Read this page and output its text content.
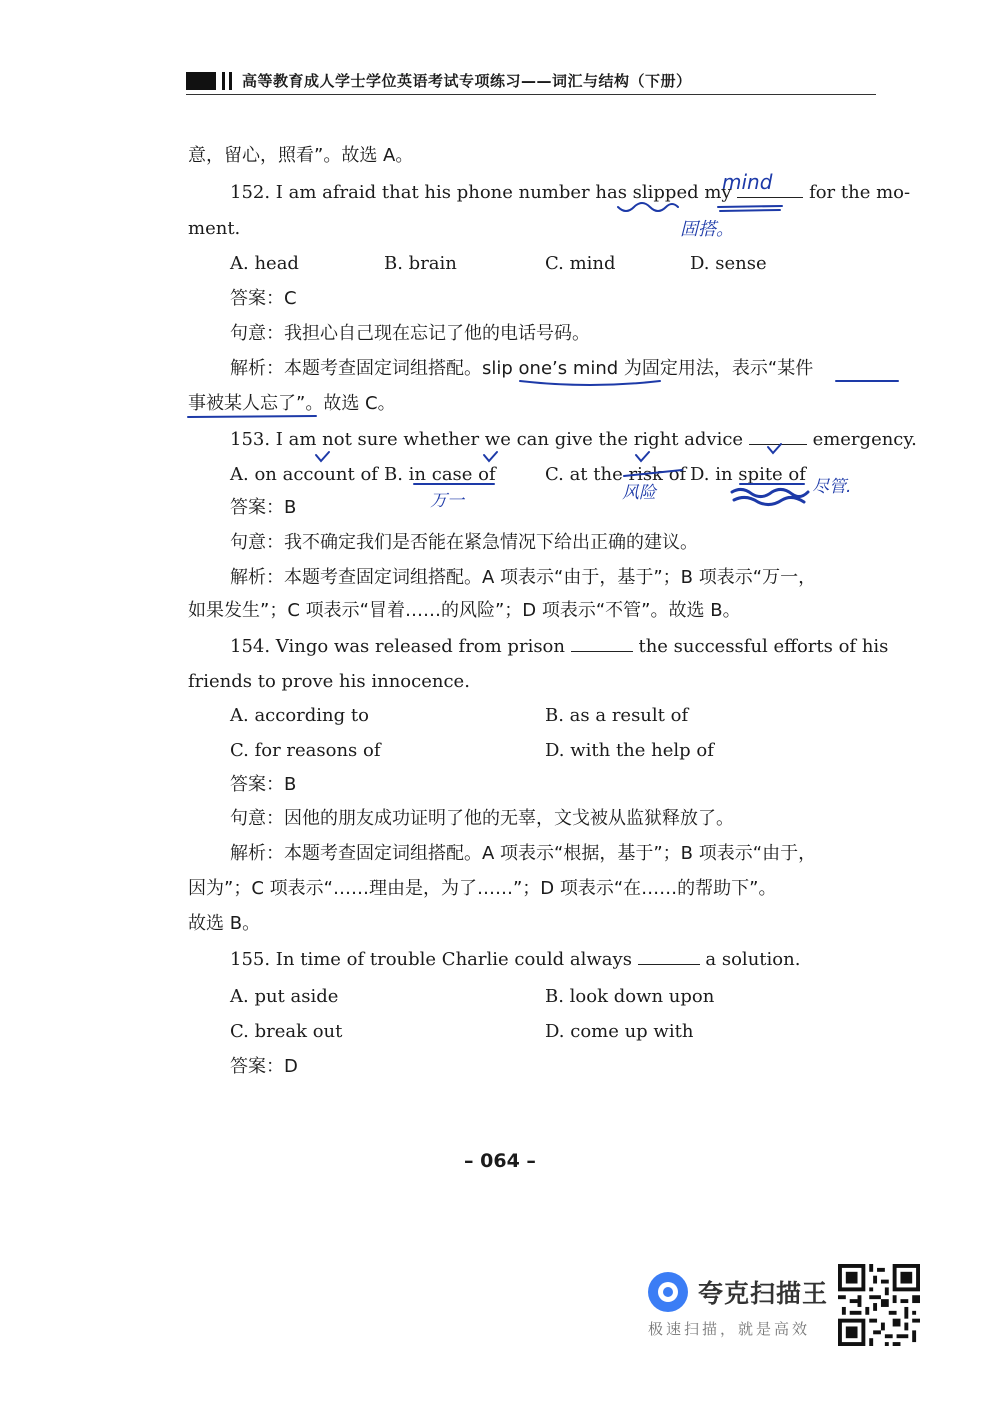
高等教育成人学士学位英语考试专项练习——词汇与结构（下册）
意，留心，照看”。故选 A。
152. I am afraid that his phone number has slipped my	for the mo-
ment.
mind
固搭。
A. head	B. brain	C. mind	D. sense
答案：C
句意：我担心自己现在忘记了他的电话号码。
解析：本题考查固定词组搭配。slip one’s mind 为固定用法，表示“某件
事被某人忘了”。故选 C。
153. I am not sure whether we can give the right advice	emergency.
A. on account of B. in case of	C. at the risk of D. in spite of
万一	风险	尽管.
答案：B
句意：我不确定我们是否能在紧急情况下给出正确的建议。
解析：本题考查固定词组搭配。A 项表示“由于，基于”；B 项表示“万一，
如果发生”；C 项表示“冒着……的风险”；D 项表示“不管”。故选 B。
154. Vingo was released from prison	the successful efforts of his
friends to prove his innocence.
A. according to	B. as a result of
C. for reasons of	D. with the help of
答案：B
句意：因他的朋友成功证明了他的无辜，文戈被从监狱释放了。
解析：本题考查固定词组搭配。A 项表示“根据，基于”；B 项表示“由于，
因为”；C 项表示“……理由是，为了……”；D 项表示“在……的帮助下”。
故选 B。
155. In time of trouble Charlie could always	a solution.
A. put aside	B. look down upon
C. break out	D. come up with
答案：D
– 064 –
夸克扫描王
极速扫描，就是高效
